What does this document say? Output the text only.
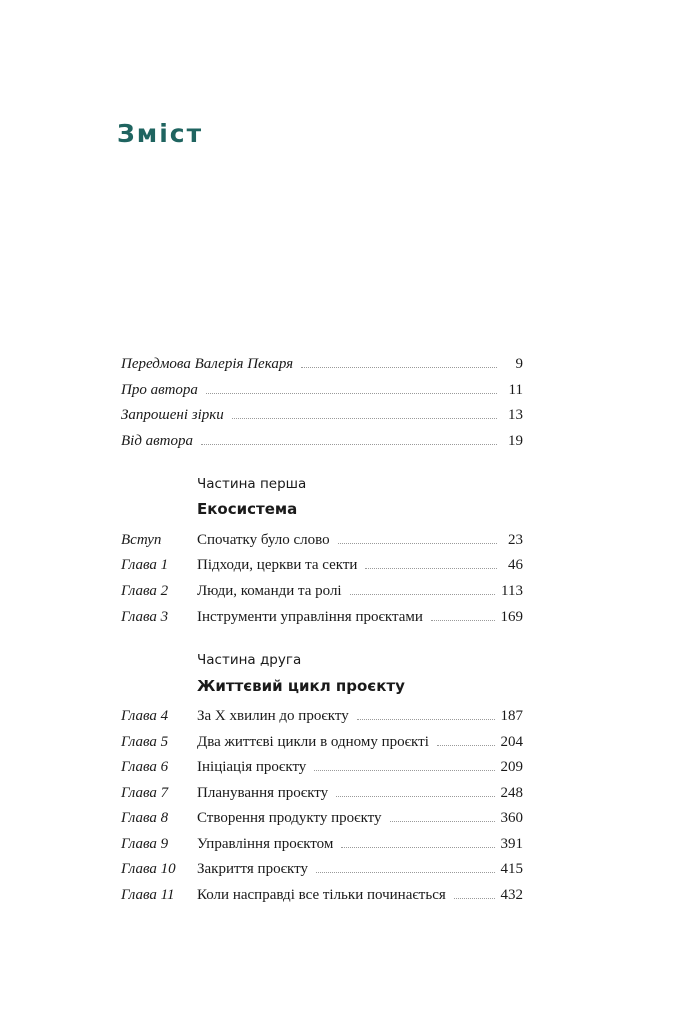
Зміст
Передмова Валерія Пекаря	9
Про автора	11
Запрошені зірки	13
Від автора	19
Частина перша
Екосистема
Вступ Спочатку було слово	23
Глава 1 Підходи, церкви та секти	46
Глава 2 Люди, команди та ролі	113
Глава 3 Інструменти управління проєктами	169
Частина друга
Життєвий цикл проєкту
Глава 4 За Х хвилин до проєкту	187
Глава 5 Два життєві цикли в одному проєкті	204
Глава 6 Ініціація проєкту	209
Глава 7 Планування проєкту	248
Глава 8 Створення продукту проєкту	360
Глава 9 Управління проєктом	391
Глава 10 Закриття проєкту	415
Глава 11 Коли насправді все тільки починається	432
